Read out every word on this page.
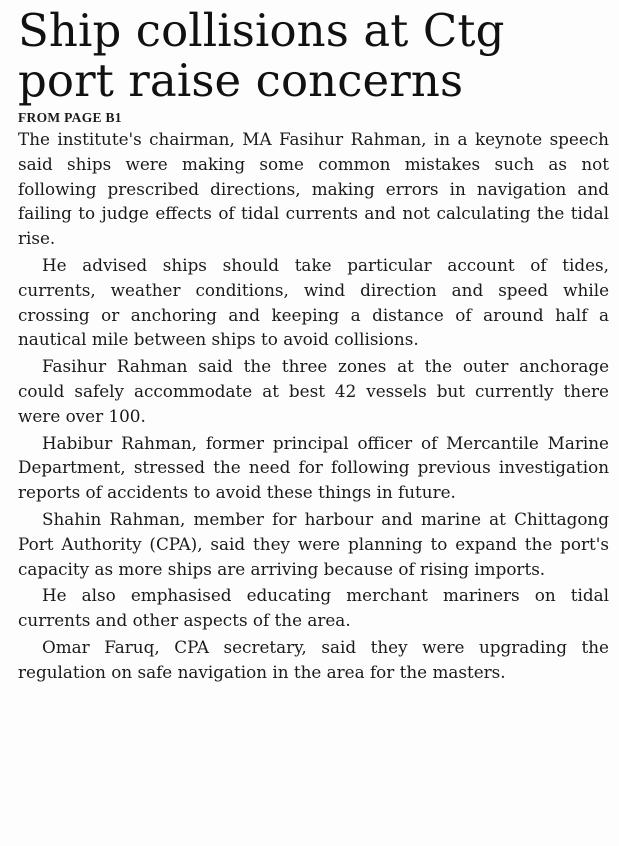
Ship collisions at Ctg
port raise concerns
FROM PAGE B1

The institute's chairman, MA Fasihur Rahman, in a keynote speech said ships were making some common mistakes such as not following prescribed directions, making errors in navigation and failing to judge effects of tidal currents and not calculating the tidal rise.

He advised ships should take particular account of tides, currents, weather conditions, wind direction and speed while crossing or anchoring and keeping a distance of around half a nautical mile between ships to avoid collisions.

Fasihur Rahman said the three zones at the outer anchorage could safely accommodate at best 42 vessels but currently there were over 100.

Habibur Rahman, former principal officer of Mercantile Marine Department, stressed the need for following previous investigation reports of accidents to avoid these things in future.

Shahin Rahman, member for harbour and marine at Chittagong Port Authority (CPA), said they were planning to expand the port's capacity as more ships are arriving because of rising imports.

He also emphasised educating merchant mariners on tidal currents and other aspects of the area.

Omar Faruq, CPA secretary, said they were upgrading the regulation on safe navigation in the area for the masters.
